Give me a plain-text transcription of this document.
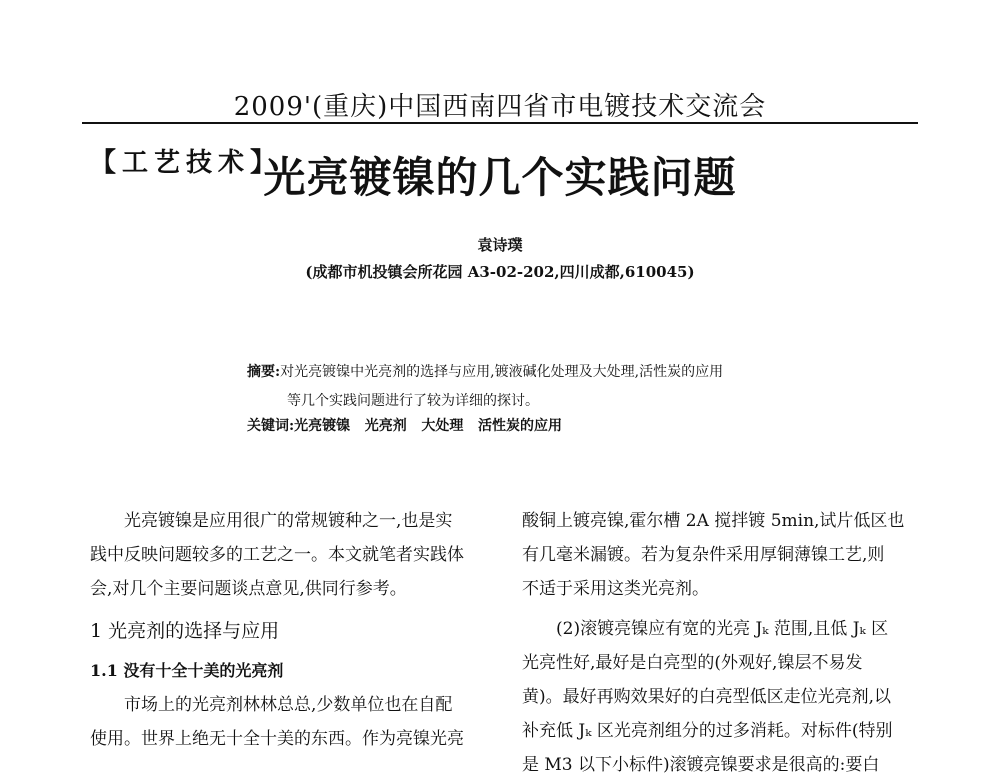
2009'(重庆)中国西南四省市电镀技术交流会
【工艺技术】
光亮镀镍的几个实践问题
袁诗璞
(成都市机投镇会所花园 A3-02-202,四川成都,610045)
摘要:对光亮镀镍中光亮剂的选择与应用,镀液碱化处理及大处理,活性炭的应用
等几个实践问题进行了较为详细的探讨。
关键词:光亮镀镍   光亮剂   大处理   活性炭的应用
光亮镀镍是应用很广的常规镀种之一,也是实
践中反映问题较多的工艺之一。本文就笔者实践体
会,对几个主要问题谈点意见,供同行参考。
1 光亮剂的选择与应用
1.1 没有十全十美的光亮剂
市场上的光亮剂林林总总,少数单位也在自配
使用。世界上绝无十全十美的东西。作为亮镍光亮
酸铜上镀亮镍,霍尔槽 2A 搅拌镀 5min,试片低区也
有几毫米漏镀。若为复杂件采用厚铜薄镍工艺,则
不适于采用这类光亮剂。
(2)滚镀亮镍应有宽的光亮 Jₖ 范围,且低 Jₖ 区
光亮性好,最好是白亮型的(外观好,镍层不易发
黄)。最好再购效果好的白亮型低区走位光亮剂,以
补充低 Jₖ 区光亮剂组分的过多消耗。对标件(特别
是 M3 以下小标件)滚镀亮镍要求是很高的:要白
